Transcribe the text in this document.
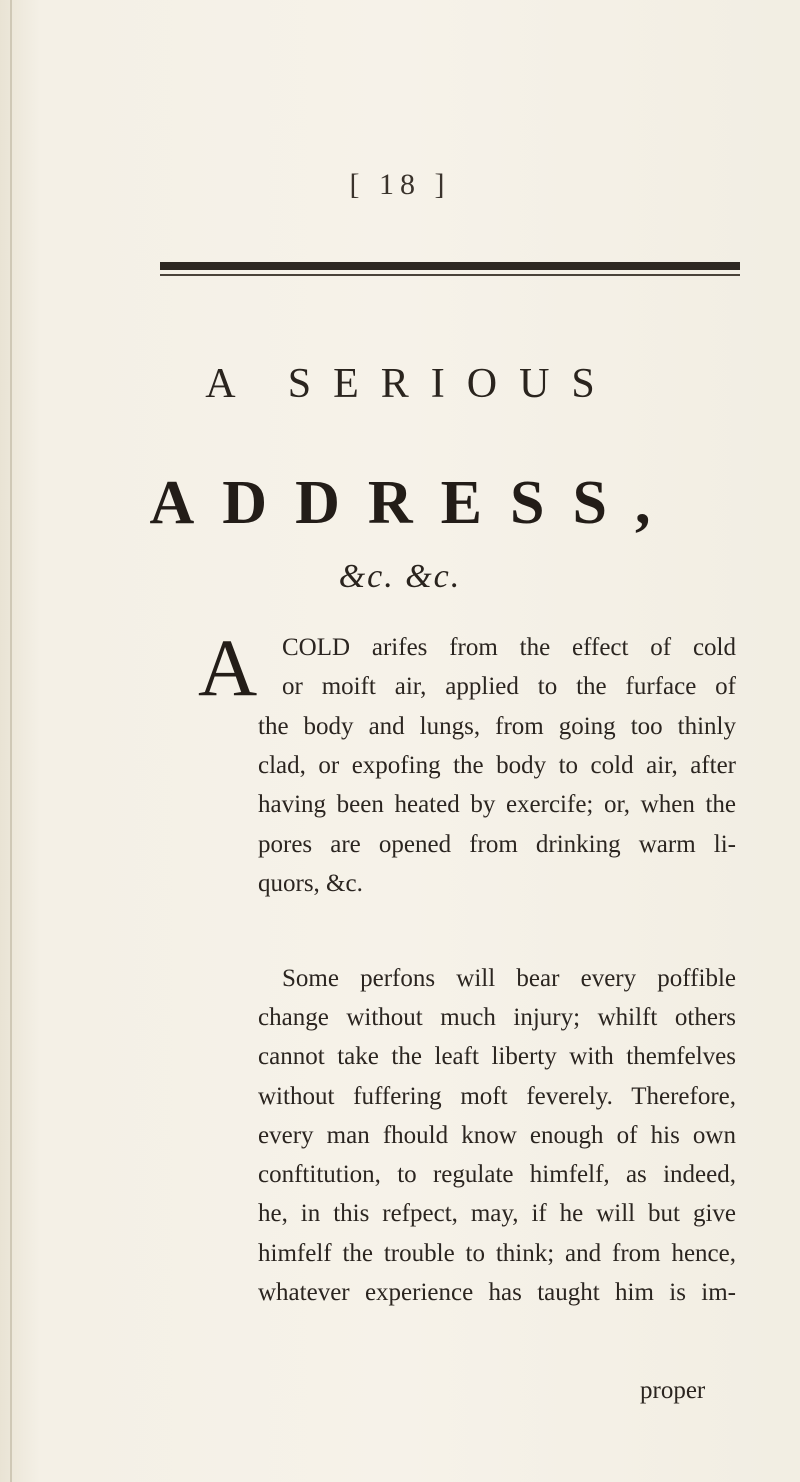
[ 18 ]
A SERIOUS
ADDRESS,
&c. &c.
A COLD arifes from the effect of cold
or moift air, applied to the furface of
the body and lungs, from going too thinly
clad, or expofing the body to cold air, after
having been heated by exercife; or, when the
pores are opened from drinking warm li-
quors, &c.
Some perfons will bear every poffible
change without much injury; whilft others
cannot take the leaft liberty with themfelves
without fuffering moft feverely. Therefore,
every man fhould know enough of his own
conftitution, to regulate himfelf, as indeed,
he, in this refpect, may, if he will but give
himfelf the trouble to think; and from hence,
whatever experience has taught him is im-
proper
